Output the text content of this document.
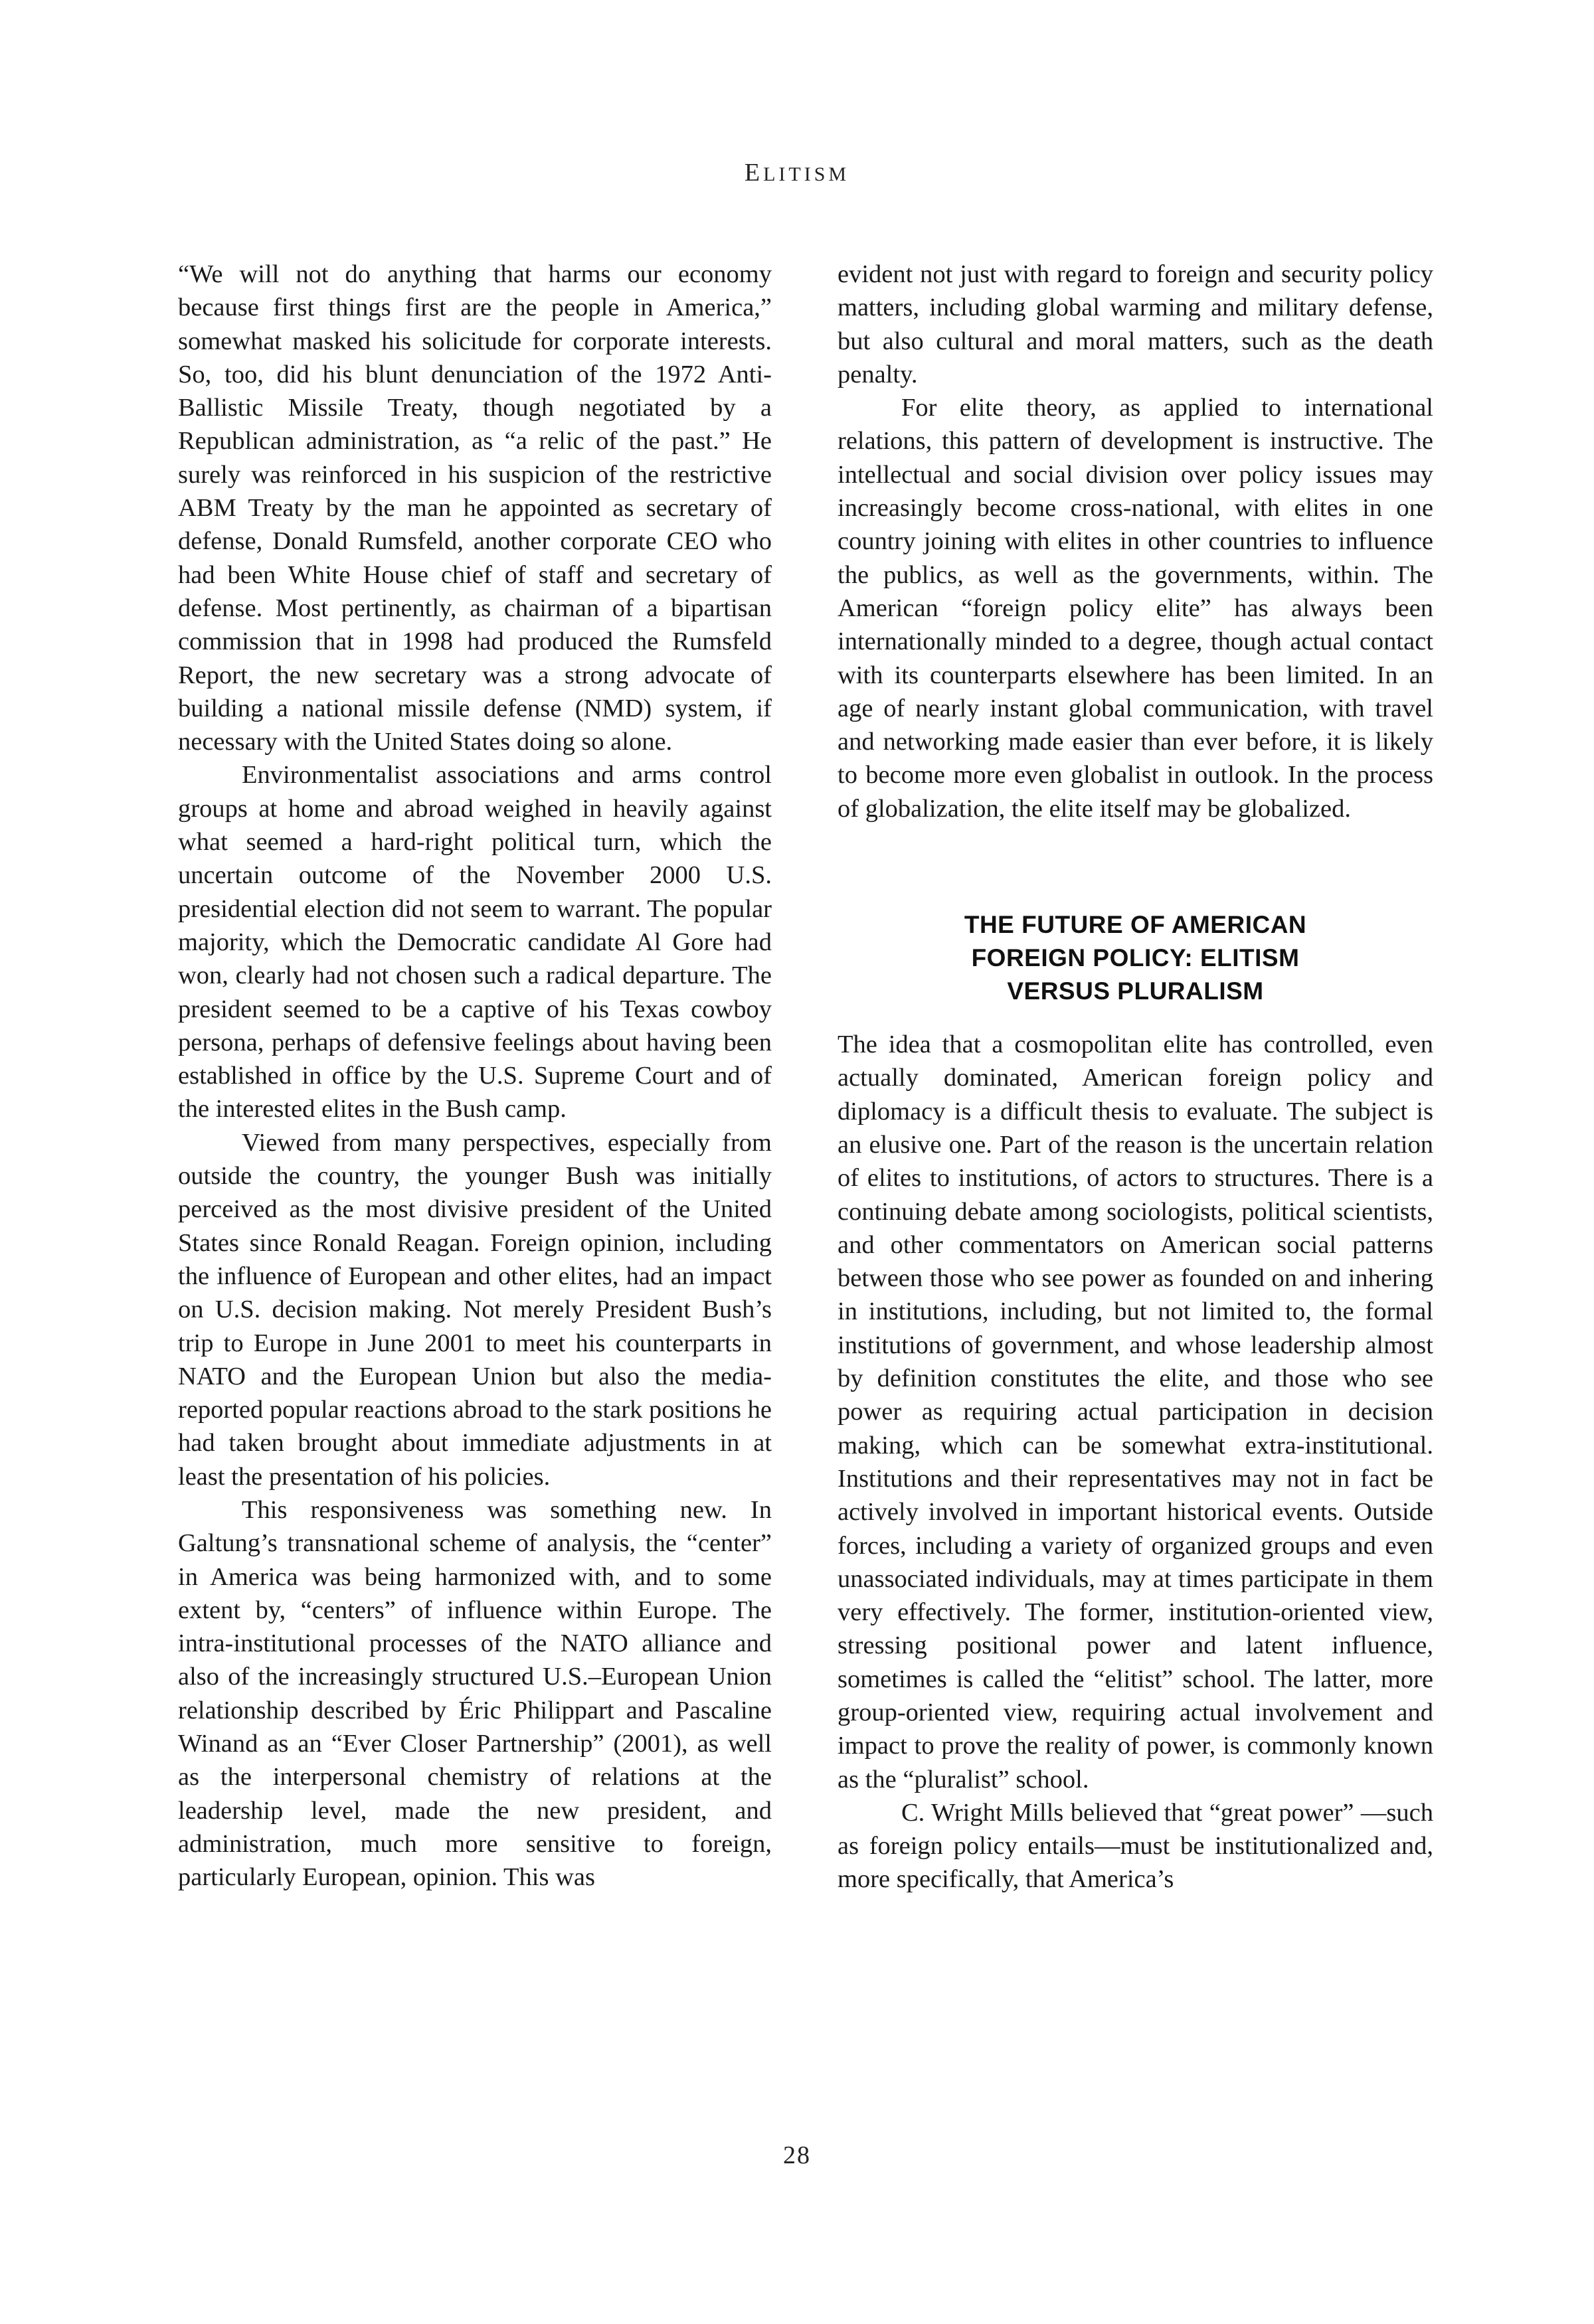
ELITISM

“We will not do anything that harms our economy because first things first are the people in America,” somewhat masked his solicitude for corporate interests. So, too, did his blunt denunciation of the 1972 Anti-Ballistic Missile Treaty, though negotiated by a Republican administration, as “a relic of the past.” He surely was reinforced in his suspicion of the restrictive ABM Treaty by the man he appointed as secretary of defense, Donald Rumsfeld, another corporate CEO who had been White House chief of staff and secretary of defense. Most pertinently, as chairman of a bipartisan commission that in 1998 had produced the Rumsfeld Report, the new secretary was a strong advocate of building a national missile defense (NMD) system, if necessary with the United States doing so alone.

Environmentalist associations and arms control groups at home and abroad weighed in heavily against what seemed a hard-right political turn, which the uncertain outcome of the November 2000 U.S. presidential election did not seem to warrant. The popular majority, which the Democratic candidate Al Gore had won, clearly had not chosen such a radical departure. The president seemed to be a captive of his Texas cowboy persona, perhaps of defensive feelings about having been established in office by the U.S. Supreme Court and of the interested elites in the Bush camp.

Viewed from many perspectives, especially from outside the country, the younger Bush was initially perceived as the most divisive president of the United States since Ronald Reagan. Foreign opinion, including the influence of European and other elites, had an impact on U.S. decision making. Not merely President Bush’s trip to Europe in June 2001 to meet his counterparts in NATO and the European Union but also the media-reported popular reactions abroad to the stark positions he had taken brought about immediate adjustments in at least the presentation of his policies.

This responsiveness was something new. In Galtung’s transnational scheme of analysis, the “center” in America was being harmonized with, and to some extent by, “centers” of influence within Europe. The intra-institutional processes of the NATO alliance and also of the increasingly structured U.S.–European Union relationship described by Éric Philippart and Pascaline Winand as an “Ever Closer Partnership” (2001), as well as the interpersonal chemistry of relations at the leadership level, made the new president, and administration, much more sensitive to foreign, particularly European, opinion. This was

evident not just with regard to foreign and security policy matters, including global warming and military defense, but also cultural and moral matters, such as the death penalty.

For elite theory, as applied to international relations, this pattern of development is instructive. The intellectual and social division over policy issues may increasingly become cross-national, with elites in one country joining with elites in other countries to influence the publics, as well as the governments, within. The American “foreign policy elite” has always been internationally minded to a degree, though actual contact with its counterparts elsewhere has been limited. In an age of nearly instant global communication, with travel and networking made easier than ever before, it is likely to become more even globalist in outlook. In the process of globalization, the elite itself may be globalized.

THE FUTURE OF AMERICAN
FOREIGN POLICY: ELITISM
VERSUS PLURALISM

The idea that a cosmopolitan elite has controlled, even actually dominated, American foreign policy and diplomacy is a difficult thesis to evaluate. The subject is an elusive one. Part of the reason is the uncertain relation of elites to institutions, of actors to structures. There is a continuing debate among sociologists, political scientists, and other commentators on American social patterns between those who see power as founded on and inhering in institutions, including, but not limited to, the formal institutions of government, and whose leadership almost by definition constitutes the elite, and those who see power as requiring actual participation in decision making, which can be somewhat extra-institutional. Institutions and their representatives may not in fact be actively involved in important historical events. Outside forces, including a variety of organized groups and even unassociated individuals, may at times participate in them very effectively. The former, institution-oriented view, stressing positional power and latent influence, sometimes is called the “elitist” school. The latter, more group-oriented view, requiring actual involvement and impact to prove the reality of power, is commonly known as the “pluralist” school.

C. Wright Mills believed that “great power” —such as foreign policy entails—must be institutionalized and, more specifically, that America’s

28
